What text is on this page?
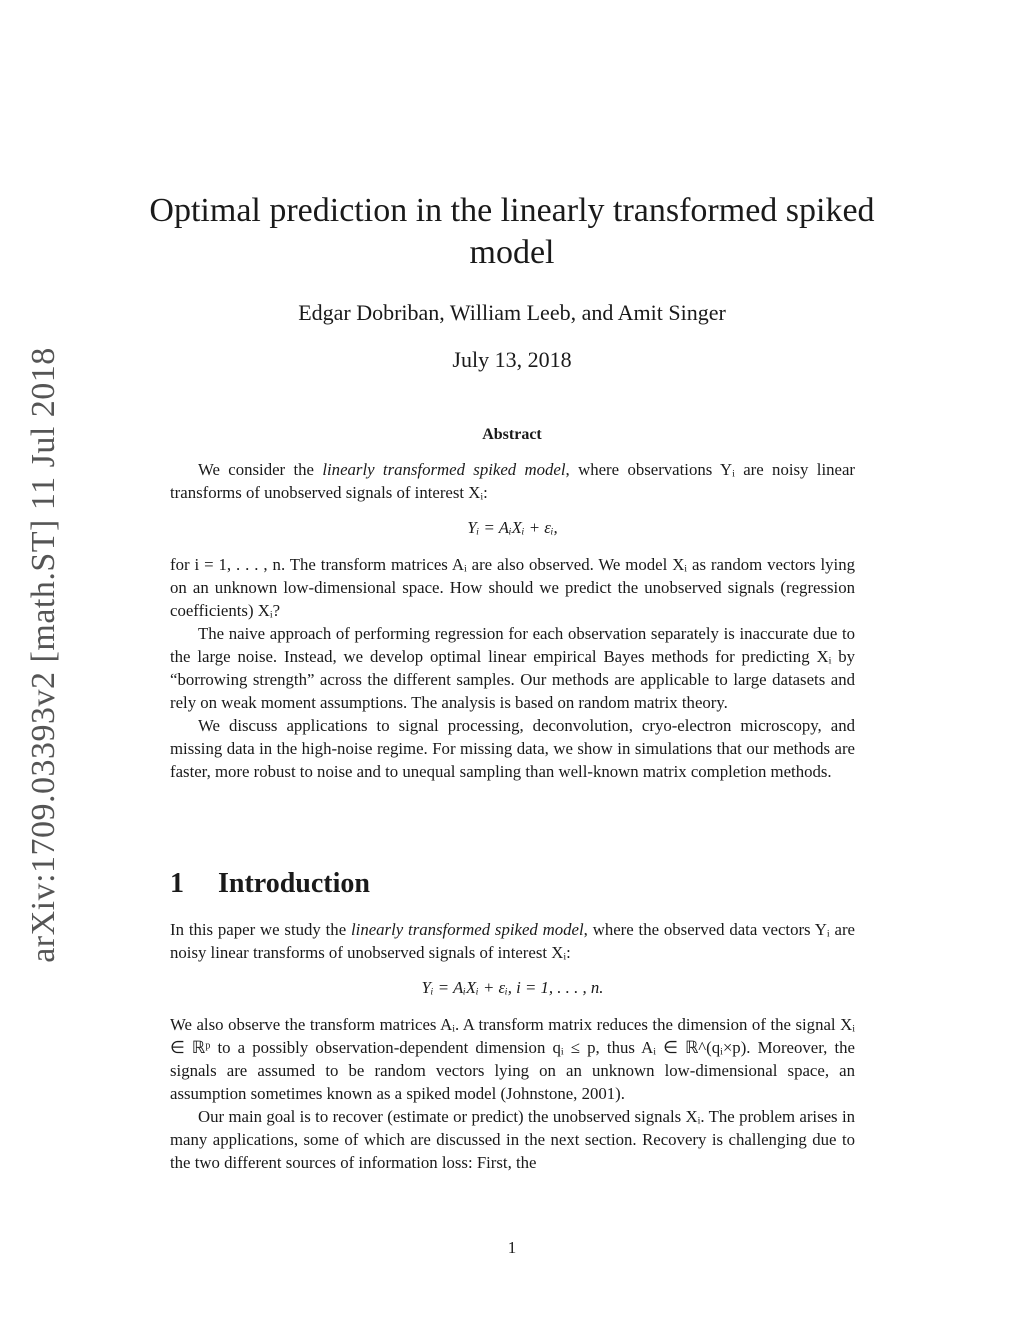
arXiv:1709.03393v2 [math.ST] 11 Jul 2018
Optimal prediction in the linearly transformed spiked model
Edgar Dobriban, William Leeb, and Amit Singer
July 13, 2018
Abstract

We consider the linearly transformed spiked model, where observations Yᵢ are noisy linear transforms of unobserved signals of interest Xᵢ:

Yᵢ = AᵢXᵢ + εᵢ,

for i = 1, . . . , n. The transform matrices Aᵢ are also observed. We model Xᵢ as random vectors lying on an unknown low-dimensional space. How should we predict the unobserved signals (regression coefficients) Xᵢ?

The naive approach of performing regression for each observation separately is inaccurate due to the large noise. Instead, we develop optimal linear empirical Bayes methods for predicting Xᵢ by “borrowing strength” across the different samples. Our methods are applicable to large datasets and rely on weak moment assumptions. The analysis is based on random matrix theory.

We discuss applications to signal processing, deconvolution, cryo-electron microscopy, and missing data in the high-noise regime. For missing data, we show in simulations that our methods are faster, more robust to noise and to unequal sampling than well-known matrix completion methods.

1 Introduction

In this paper we study the linearly transformed spiked model, where the observed data vectors Yᵢ are noisy linear transforms of unobserved signals of interest Xᵢ:

Yᵢ = AᵢXᵢ + εᵢ, i = 1, . . . , n.

We also observe the transform matrices Aᵢ. A transform matrix reduces the dimension of the signal Xᵢ ∈ ℝᵖ to a possibly observation-dependent dimension qᵢ ≤ p, thus Aᵢ ∈ ℝ^(qᵢ×p). Moreover, the signals are assumed to be random vectors lying on an unknown low-dimensional space, an assumption sometimes known as a spiked model (Johnstone, 2001).

Our main goal is to recover (estimate or predict) the unobserved signals Xᵢ. The problem arises in many applications, some of which are discussed in the next section. Recovery is challenging due to the two different sources of information loss: First, the

1
